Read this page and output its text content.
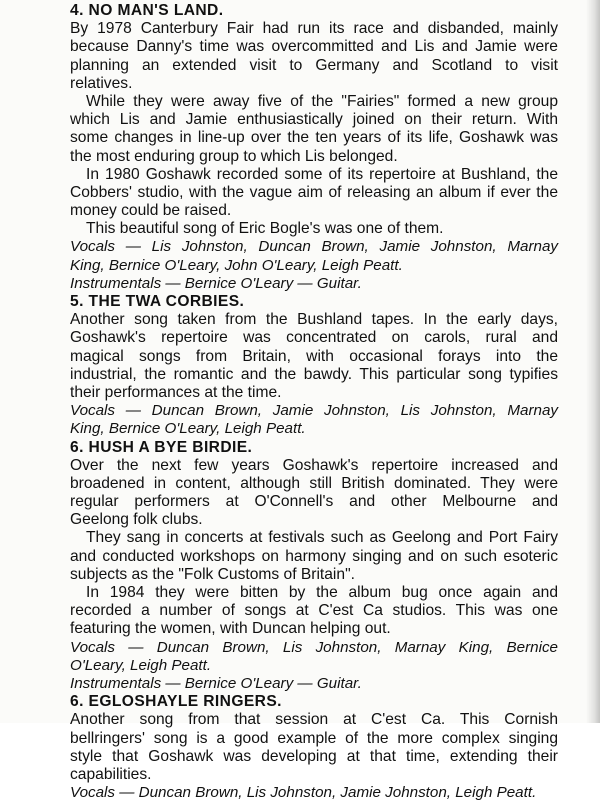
4. NO MAN'S LAND.
By 1978 Canterbury Fair had run its race and disbanded, mainly
because Danny's time was overcommitted and Lis and Jamie were
planning an extended visit to Germany and Scotland to visit
relatives.
While they were away five of the "Fairies" formed a new group
which Lis and Jamie enthusiastically joined on their return. With
some changes in line-up over the ten years of its life, Goshawk was
the most enduring group to which Lis belonged.
In 1980 Goshawk recorded some of its repertoire at Bushland, the
Cobbers' studio, with the vague aim of releasing an album if ever the
money could be raised.
This beautiful song of Eric Bogle's was one of them.
Vocals — Lis Johnston, Duncan Brown, Jamie Johnston, Marnay
King, Bernice O'Leary, John O'Leary, Leigh Peatt.
Instrumentals — Bernice O'Leary — Guitar.
5. THE TWA CORBIES.
Another song taken from the Bushland tapes. In the early days,
Goshawk's repertoire was concentrated on carols, rural and
magical songs from Britain, with occasional forays into the
industrial, the romantic and the bawdy. This particular song typifies
their performances at the time.
Vocals — Duncan Brown, Jamie Johnston, Lis Johnston, Marnay
King, Bernice O'Leary, Leigh Peatt.
6. HUSH A BYE BIRDIE.
Over the next few years Goshawk's repertoire increased and
broadened in content, although still British dominated. They were
regular performers at O'Connell's and other Melbourne and
Geelong folk clubs.
They sang in concerts at festivals such as Geelong and Port Fairy
and conducted workshops on harmony singing and on such esoteric
subjects as the "Folk Customs of Britain".
In 1984 they were bitten by the album bug once again and
recorded a number of songs at C'est Ca studios. This was one
featuring the women, with Duncan helping out.
Vocals — Duncan Brown, Lis Johnston, Marnay King, Bernice
O'Leary, Leigh Peatt.
Instrumentals — Bernice O'Leary — Guitar.
6. EGLOSHAYLE RINGERS.
Another song from that session at C'est Ca. This Cornish
bellringers' song is a good example of the more complex singing
style that Goshawk was developing at that time, extending their
capabilities.
Vocals — Duncan Brown, Lis Johnston, Jamie Johnston, Leigh Peatt.
